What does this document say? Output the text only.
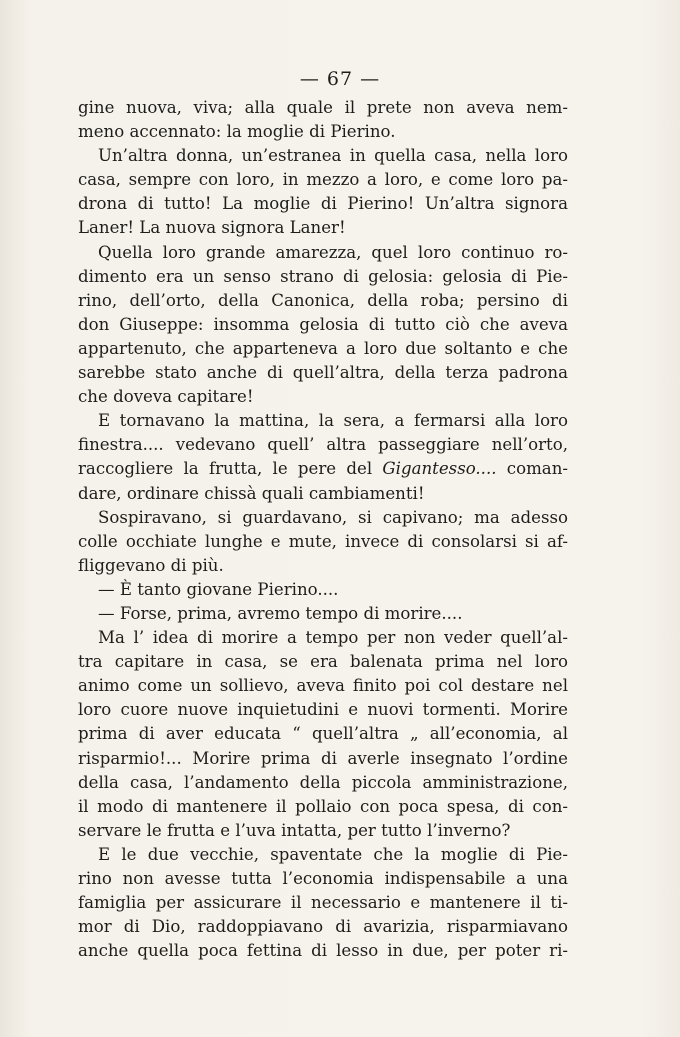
— 67 —
gine nuova, viva; alla quale il prete non aveva nem-
meno accennato: la moglie di Pierino.
Un’altra donna, un’estranea in quella casa, nella loro
casa, sempre con loro, in mezzo a loro, e come loro pa-
drona di tutto! La moglie di Pierino! Un’altra signora
Laner! La nuova signora Laner!
Quella loro grande amarezza, quel loro continuo ro-
dimento era un senso strano di gelosia: gelosia di Pie-
rino, dell’orto, della Canonica, della roba; persino di
don Giuseppe: insomma gelosia di tutto ciò che aveva
appartenuto, che apparteneva a loro due soltanto e che
sarebbe stato anche di quell’altra, della terza padrona
che doveva capitare!
E tornavano la mattina, la sera, a fermarsi alla loro
finestra.... vedevano quell’ altra passeggiare nell’orto,
raccogliere la frutta, le pere del Gigantesso.... coman-
dare, ordinare chissà quali cambiamenti!
Sospiravano, si guardavano, si capivano; ma adesso
colle occhiate lunghe e mute, invece di consolarsi si af-
fliggevano di più.
— È tanto giovane Pierino....
— Forse, prima, avremo tempo di morire....
Ma l’ idea di morire a tempo per non veder quell’al-
tra capitare in casa, se era balenata prima nel loro
animo come un sollievo, aveva finito poi col destare nel
loro cuore nuove inquietudini e nuovi tormenti. Morire
prima di aver educata “ quell’altra „ all’economia, al
risparmio!... Morire prima di averle insegnato l’ordine
della casa, l’andamento della piccola amministrazione,
il modo di mantenere il pollaio con poca spesa, di con-
servare le frutta e l’uva intatta, per tutto l’inverno?
E le due vecchie, spaventate che la moglie di Pie-
rino non avesse tutta l’economia indispensabile a una
famiglia per assicurare il necessario e mantenere il ti-
mor di Dio, raddoppiavano di avarizia, risparmiavano
anche quella poca fettina di lesso in due, per poter ri-
